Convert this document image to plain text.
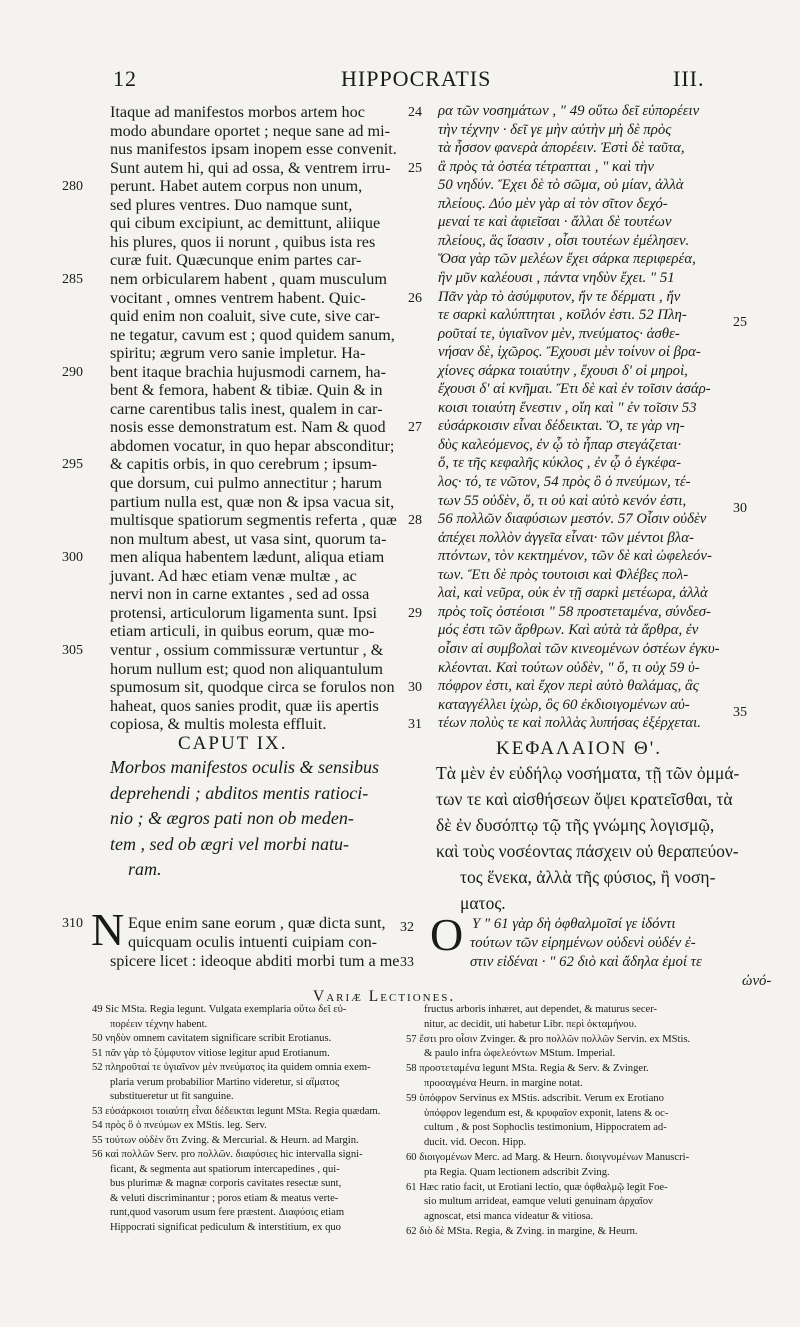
12	HIPPOCRATIS	III.
Itaque ad manifestos morbos artem hoc
modo abundare oportet ; neque sane ad mi-
nus manifestos ipsam inopem esse convenit.
Sunt autem hi, qui ad ossa, & ventrem irru-
perunt. Habet autem corpus non unum,
sed plures ventres. Duo namque sunt,
qui cibum excipiunt, ac demittunt, aliique
his plures, quos ii norunt , quibus ista res
curæ fuit. Quæcunque enim partes car-
nem orbicularem habent , quam musculum
vocitant , omnes ventrem habent. Quic-
quid enim non coaluit, sive cute, sive car-
ne tegatur, cavum est ; quod quidem sanum,
spiritu; ægrum vero sanie impletur. Ha-
bent itaque brachia hujusmodi carnem, ha-
bent & femora, habent & tibiæ. Quin & in
carne carentibus talis inest, qualem in car-
nosis esse demonstratum est. Nam & quod
abdomen vocatur, in quo hepar absconditur;
& capitis orbis, in quo cerebrum ; ipsum-
que dorsum, cui pulmo annectitur ; harum
partium nulla est, quæ non & ipsa vacua sit,
multisque spatiorum segmentis referta , quæ
non multum abest, ut vasa sint, quorum ta-
men aliqua habentem lædunt, aliqua etiam
juvant. Ad hæc etiam venæ multæ , ac
nervi non in carne extantes , sed ad ossa
protensi, articulorum ligamenta sunt. Ipsi
etiam articuli, in quibus eorum, quæ mo-
ventur , ossium commissuræ vertuntur , &
horum nullum est; quod non aliquantulum
spumosum sit, quodque circa se forulos non
haheat, quos sanies prodit, quæ iis apertis
copiosa, & multis molesta effluit.
280
285
290
295
300
305
ρα τῶν νοσημάτων , " 49 οὕτω δεῖ εὐπορέειν
τὴν τέχνην · δεῖ γε μὴν αὐτὴν μὴ δὲ πρὸς
τὰ ἧσσον φανερὰ ἀπορέειν. Ἐστὶ δὲ ταῦτα,
ἃ πρὸς τὰ ὀστέα τέτραπται , " καὶ τὴν
50 νηδύν. Ἔχει δὲ τὸ σῶμα, οὐ μίαν, ἀλλὰ
πλείους. Δύο μὲν γὰρ αἱ τὸν σῖτον δεχό-
μεναί τε καὶ ἀφιεῖσαι · ἄλλαι δὲ τουτέων
πλείους, ἃς ἴσασιν , οἷσι τουτέων ἐμέλησεν.
Ὅσα γὰρ τῶν μελέων ἔχει σάρκα περιφερέα,
ἣν μῦν καλέουσι , πάντα νηδὺν ἔχει. " 51
Πᾶν γὰρ τὸ ἀσύμφυτον, ἤν τε δέρματι , ἤν
τε σαρκὶ καλύπτηται , κοῖλόν ἐστι. 52 Πλη-
ροῦταί τε, ὑγιαῖνον μὲν, πνεύματος· ἀσθε-
νήσαν δὲ, ἰχῶρος. Ἔχουσι μὲν τοίνυν οἱ βρα-
χίονες σάρκα τοιαύτην , ἔχουσι δ' οἱ μηροὶ,
ἔχουσι δ' αἱ κνῆμαι. Ἔτι δὲ καὶ ἐν τοῖσιν ἀσάρ-
κοισι τοιαύτη ἔνεστιν , οἵη καὶ " ἐν τοῖσιν 53
εὐσάρκοισιν εἶναι δέδεικται. Ὅ, τε γὰρ νη-
δὺς καλεόμενος, ἐν ᾧ τὸ ἧπαρ στεγάζεται·
ὅ, τε τῆς κεφαλῆς κύκλος , ἐν ᾧ ὁ ἐγκέφα-
λος· τό, τε νῶτον, 54 πρὸς ὃ ὁ πνεύμων, τέ-
των 55 οὐδὲν, ὅ, τι οὐ καὶ αὐτὸ κενόν ἐστι,
56 πολλῶν διαφύσιων μεστόν. 57 Οἷσιν οὐδὲν
ἀπέχει πολλὸν ἀγγεῖα εἶναι· τῶν μέντοι βλα-
πτόντων, τὸν κεκτημένον, τῶν δὲ καὶ ὠφελεόν-
των. Ἔτι δὲ πρὸς τουτοισι καὶ Φλέβες πολ-
λαὶ, καὶ νεῦρα, οὐκ ἐν τῇ σαρκὶ μετέωρα, ἀλλὰ
πρὸς τοῖς ὀστέοισι " 58 προστεταμένα, σύνδεσ-
μός ἐστι τῶν ἄρθρων. Καὶ αὐτὰ τὰ ἄρθρα, ἐν
οἷσιν αἱ συμβολαὶ τῶν κινεομένων ὀστέων ἐγκυ-
κλέονται. Καὶ τούτων οὐδὲν, " ὅ, τι οὐχ 59 ὑ-
πόφρον ἐστι, καὶ ἔχον περὶ αὐτὸ θαλάμας, ἃς
καταγγέλλει ἰχὼρ, ὃς 60 ἐκδιοιγομένων αὐ-
τέων πολὺς τε καὶ πολλὰς λυπήσας ἐξέρχεται.
24
25
26
27
28
29
30
31
25
30
35
CAPUT IX.	ΚΕΦΑΛΑΙΟΝ Θ'.
Morbos manifestos oculis & sensibus
deprehendi ; abditos mentis ratioci-
nio ; & ægros pati non ob meden-
tem , sed ob ægri vel morbi natu-
ram.
Τὰ μὲν ἐν εὐδήλῳ νοσήματα, τῇ τῶν ὀμμά-
των τε καὶ αἰσθήσεων ὄψει κρατεῖσθαι, τὰ
δὲ ἐν δυσόπτῳ τῷ τῆς γνώμης λογισμῷ,
καὶ τοὺς νοσέοντας πάσχειν οὐ θεραπεύον-
τος ἕνεκα, ἀλλὰ τῆς φύσιος, ἢ νοση-
ματος.
310 N Eque enim sane eorum , quæ dicta sunt,
quicquam oculis intuenti cuipiam con-
spicere licet : ideoque abditi morbi tum a me
O Υ " 61 γὰρ δὴ ὀφθαλμοῖσί γε ἰδόντι
τούτων τῶν εἰρημένων οὐδενὶ οὐδέν ἐ-
στιν εἰδέναι · " 62 διὸ καὶ ἄδηλα ἐμοί τε
ὠνό-
32
33
Variæ Lectiones.
49 Sic MSta. Regia legunt. Vulgata exemplaria οὕτω δεῖ εὐ-
πορέειν τέχνην habent.
50 νηδὺν omnem cavitatem significare scribit Erotianus.
51 πᾶν γὰρ τὸ ξύμφυτον vitiose legitur apud Erotianum.
52 πληροῦταί τε ὑγιαῖνον μὲν πνεύματος ita quidem omnia exem-
plaria verum probabilior Martino videretur, si αἵματος
substitueretur ut fit sanguine.
53 εὐσάρκοισι τοιαύτη εἶναι δέδεικται legunt MSta. Regia quædam.
54 πρὸς ὃ ὁ πνεύμων ex MStis. leg. Serv.
55 τούτων οὐδὲν ὅτι Zving. & Mercurial. & Heurn. ad Margin.
56 καὶ πολλῶν Serv. pro πολλῶν. διαφύσιες hic intervalla signi-
ficant, & segmenta aut spatiorum intercapedines , qui-
bus plurimæ & magnæ corporis cavitates resectæ sunt,
& veluti discriminantur ; poros etiam & meatus verte-
runt,quod vasorum usum fere præstent. Διαφύσις etiam
Hippocrati significat pediculum & interstitium, ex quo
fructus arboris inhæret, aut dependet, & maturus secer-
nitur, ac decidit, uti habetur Libr. περὶ ὀκταμήνου.
57 ἔστι pro οἷσιν Zvinger. & pro πολλῶν πολλῶν Servin. ex MStis.
& paulo infra ὠφελεόντων MStum. Imperial.
58 προστεταμένα legunt MSta. Regia & Serv. & Zvinger.
προσαγμένα Heurn. in margine notat.
59 ὑπόφρον Servinus ex MStis. adscribit. Verum ex Erotiano
ὑπόφρον legendum est, & κρυφαῖον exponit, latens & oc-
cultum , & post Sophoclis testimonium, Hippocratem ad-
ducit. vid. Oecon. Hipp.
60 διοιγομένων Merc. ad Marg. & Heurn. διοιγνυμένων Manuscri-
pta Regia. Quam lectionem adscribit Zving.
61 Hæc ratio facit, ut Erotiani lectio, quæ ὀφθαλμῷ legit Foe-
sio multum arrideat, eamque veluti genuinam ἀρχαῖον
agnoscat, etsi manca videatur & vitiosa.
62 διὸ δὲ MSta. Regia, & Zving. in margine, & Heurn.
